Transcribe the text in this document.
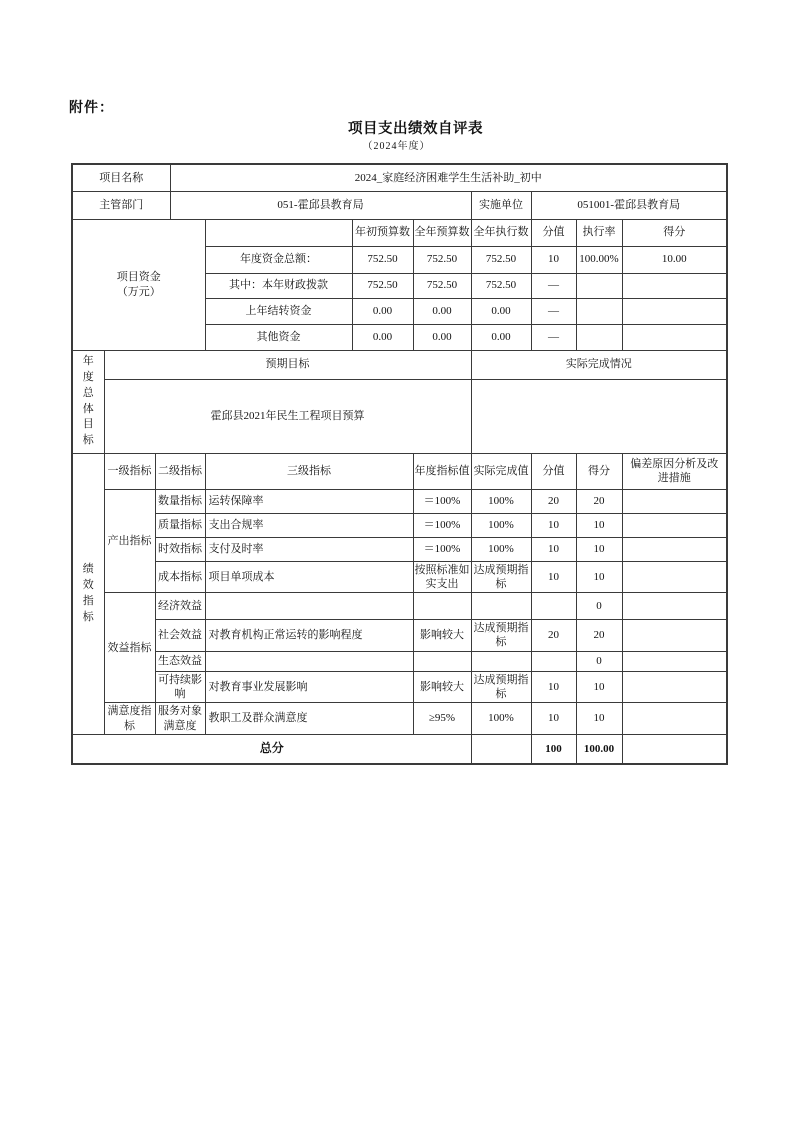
附件：
项目支出绩效自评表
（2024年度）
项目名称			2024_家庭经济困难学生生活补助_初中							
主管部门			051-霍邱县教育局				实施单位	051001-霍邱县教育局		

项目资金（万元）					年初预算数	全年预算数	全年执行数	分值	执行率	得分
				年度资金总额：	752.50	752.50	752.50	10	100.00%	10.00
				其中：本年财政拨款	752.50	752.50	752.50	—		
				上年结转资金	0.00	0.00	0.00	—		
				其他资金	0.00	0.00	0.00	—		
年
度
总
体
目
标	预期目标	实际完成情况
	霍邱县2021年民生工程项目预算									
绩
效
指
标	一级指标	二级指标		三级指标		年度指标值	实际完成值	分值	得分	偏差原因分析及改进措施
	产出指标	数量指标		运转保障率		＝100%	100%	20	20	
		质量指标		支出合规率		＝100%	100%	10	10	
		时效指标		支付及时率		＝100%	100%	10	10	
		成本指标		项目单项成本		按照标准如实支出	达成预期指标	10	10	
	效益指标	经济效益							0	
		社会效益		对教育机构正常运转的影响程度		影响较大	达成预期指标	20	20	
		生态效益							0	
		可持续影响		对教育事业发展影响		影响较大	达成预期指标	10	10	
	满意度指标	服务对象满意度		教职工及群众满意度		≥95%	100%	10	10	
总分								100	100.00	
